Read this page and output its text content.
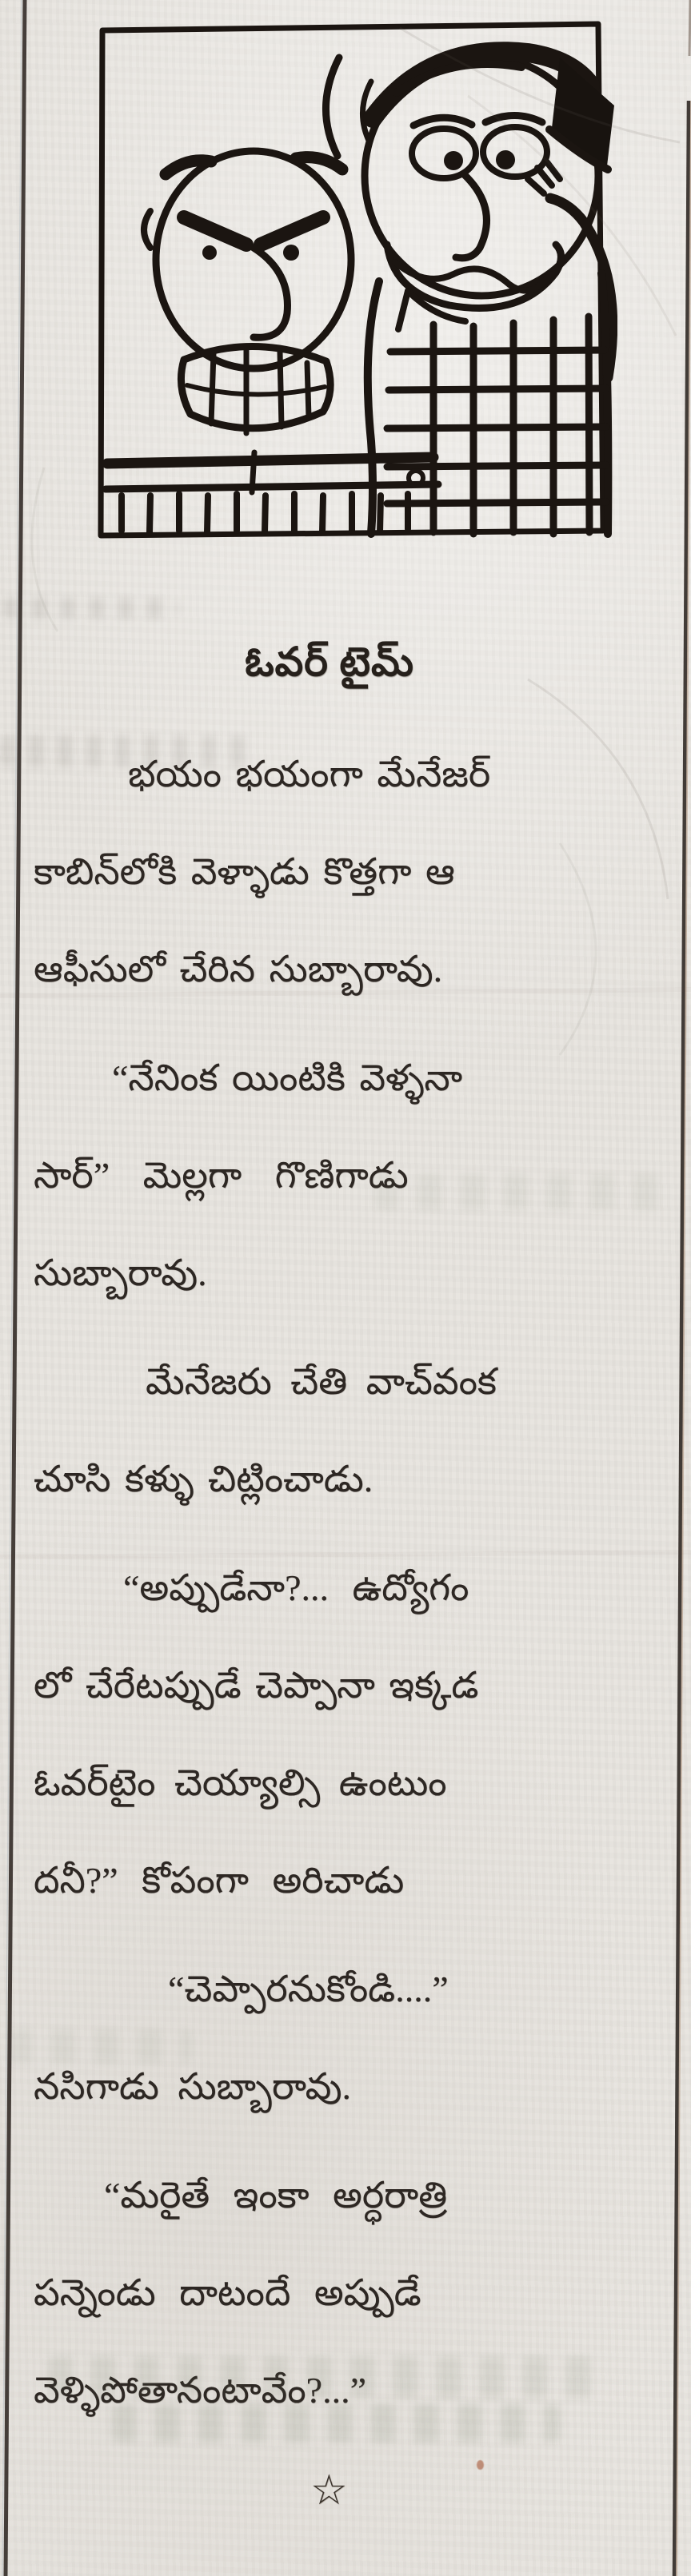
ఓవర్ టైమ్
భయం భయంగా మేనేజర్
కాబిన్‌లోకి వెళ్ళాడు కొత్తగా ఆ
ఆఫీసులో చేరిన సుబ్బారావు.
“నేనింక యింటికి వెళ్ళనా
సార్” మెల్లగా గొణిగాడు
సుబ్బారావు.
మేనేజరు చేతి వాచ్‌వంక
చూసి కళ్ళు చిట్లించాడు.
“అప్పుడేనా?... ఉద్యోగం
లో చేరేటప్పుడే చెప్పానా ఇక్కడ
ఓవర్‌టైం చెయ్యాల్సి ఉంటుం
దనీ?” కోపంగా అరిచాడు
“చెప్పారనుకోండి....”
నసిగాడు సుబ్బారావు.
“మరైతే ఇంకా అర్ధరాత్రి
పన్నెండు దాటందే అప్పుడే
వెళ్ళిపోతానంటావేం?...”
☆
